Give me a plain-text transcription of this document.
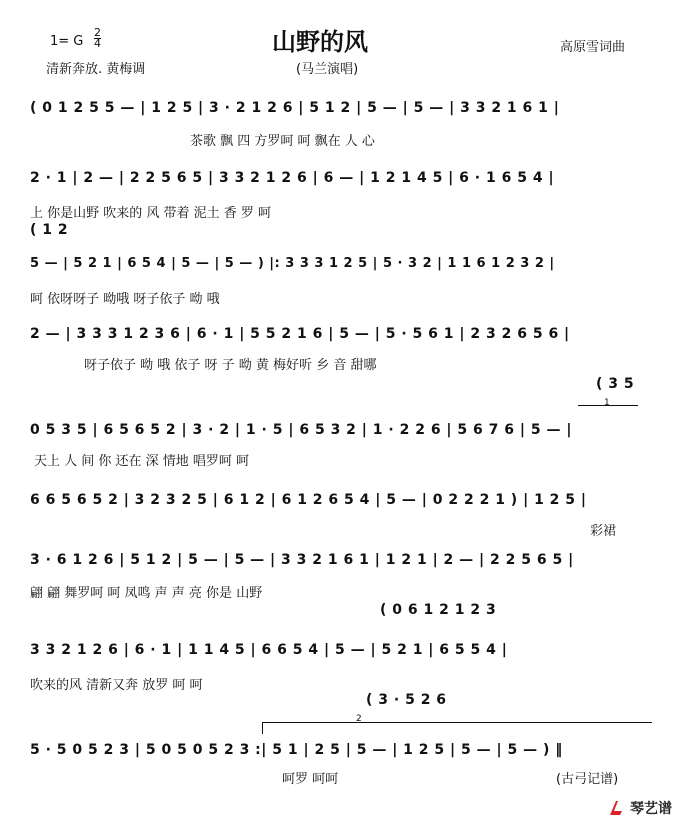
1= G
2
4	山野的风	高原雪词曲
清新奔放. 黄梅调	(马兰演唱)
( 0 1 2 5 5 — | 1 2 5 | 3 · 2 1 2 6 | 5 1 2 | 5 — | 5 — | 3 3 2 1 6 1 |
茶歌 飘 四 方罗呵 呵 飘在 人 心
2 · 1 | 2 — | 2 2 5 6 5 | 3 3 2 1 2 6 | 6 — | 1 2 1 4 5 | 6 · 1 6 5 4 |
上 你是山野 吹来的 风 带着 泥土 香 罗 呵
( 1 2
5 — | 5 2 1 | 6 5 4 | 5 — | 5 — ) |: 3 3 3 1 2 5 | 5 · 3 2 | 1 1 6 1 2 3 2 |
呵 依呀呀子 呦哦 呀子依子 呦 哦
2 — | 3 3 3 1 2 3 6 | 6 · 1 | 5 5 2 1 6 | 5 — | 5 · 5 6 1 | 2 3 2 6 5 6 |
呀子依子 呦 哦 依子 呀 子 呦 黄 梅好听 乡 音 甜哪
( 3 5
1
0 5 3 5 | 6 5 6 5 2 | 3 · 2 | 1 · 5 | 6 5 3 2 | 1 · 2 2 6 | 5 6 7 6 | 5 — |
天上 人 间 你 还在 深 情地 唱罗呵 呵
6 6 5 6 5 2 | 3 2 3 2 5 | 6 1 2 | 6 1 2 6 5 4 | 5 — | 0 2 2 2 1 ) | 1 2 5 |
彩裙
3 · 6 1 2 6 | 5 1 2 | 5 — | 5 — | 3 3 2 1 6 1 | 1 2 1 | 2 — | 2 2 5 6 5 |
翩 翩 舞罗呵 呵 凤鸣 声 声 亮 你是 山野
( 0 6 1 2 1 2 3
3 3 2 1 2 6 | 6 · 1 | 1 1 4 5 | 6 6 5 4 | 5 — | 5 2 1 | 6 5 5 4 |
吹来的风 清新又奔 放罗 呵 呵
( 3 · 5 2 6
2
5 · 5 0 5 2 3 | 5 0 5 0 5 2 3 :| 5 1 | 2 5 | 5 — | 1 2 5 | 5 — | 5 — ) ‖
呵罗 呵呵	(古弓记谱)
琴艺谱
